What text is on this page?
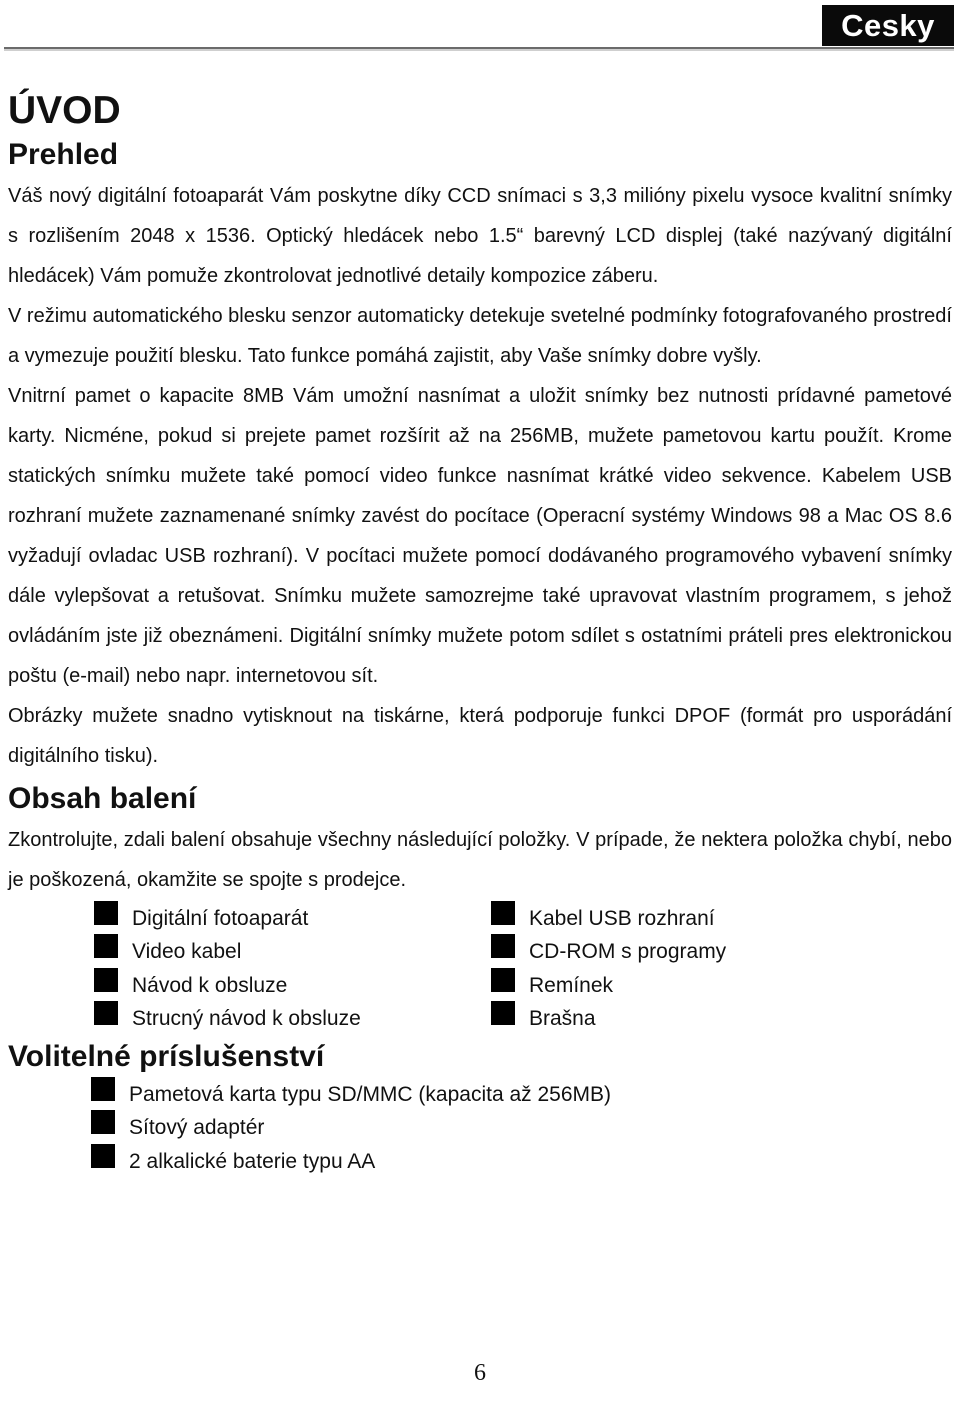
Cesky
ÚVOD
Prehled

Váš nový digitální fotoaparát Vám poskytne díky CCD snímaci s 3,3 milióny pixelu vysoce kvalitní snímky s rozlišením 2048 x 1536. Optický hledácek nebo 1.5“ barevný LCD displej (také nazývaný digitální hledácek) Vám pomuže zkontrolovat jednotlivé detaily kompozice záberu.

V režimu automatického blesku senzor automaticky detekuje svetelné podmínky fotografovaného prostredí a vymezuje použití blesku. Tato funkce pomáhá zajistit, aby Vaše snímky dobre vyšly.

Vnitrní pamet o kapacite 8MB Vám umožní nasnímat a uložit snímky bez nutnosti prídavné pametové karty. Nicméne, pokud si prejete pamet rozšírit až na 256MB, mužete pametovou kartu použít. Krome statických snímku mužete také pomocí video funkce nasnímat krátké video sekvence. Kabelem USB rozhraní mužete zaznamenané snímky zavést do pocítace (Operacní systémy Windows 98 a Mac OS 8.6 vyžadují ovladac USB rozhraní). V pocítaci mužete pomocí dodávaného programového vybavení snímky dále vylepšovat a retušovat. Snímku mužete samozrejme také upravovat vlastním programem, s jehož ovládáním jste již obeznámeni. Digitální snímky mužete potom sdílet s ostatními práteli pres elektronickou poštu (e-mail) nebo napr. internetovou sít.

Obrázky mužete snadno vytisknout na tiskárne, která podporuje funkci DPOF (formát pro usporádání digitálního tisku).

Obsah balení

Zkontrolujte, zdali balení obsahuje všechny následující položky. V prípade, že nektera položka chybí, nebo je poškozená, okamžite se spojte s prodejce.

Digitální fotoaparát	Kabel USB rozhraní
Video kabel	CD-ROM s programy
Návod k obsluze	Remínek
Strucný návod k obsluze	Brašna
Volitelné príslušenství
Pametová karta typu SD/MMC (kapacita až 256MB)
Sítový adaptér
2 alkalické baterie typu AA
6
